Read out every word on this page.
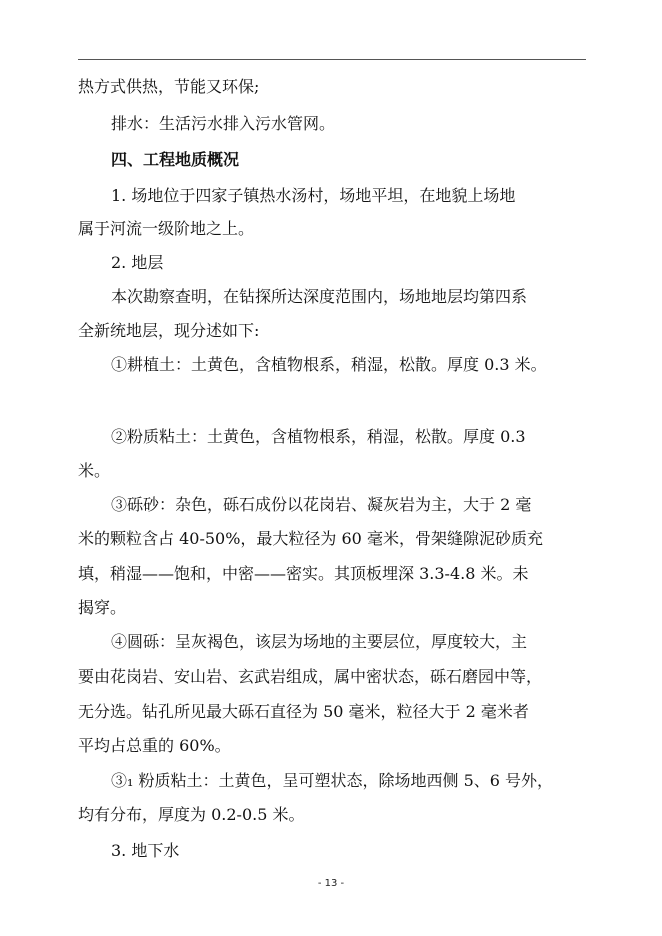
热方式供热，节能又环保;
排水：生活污水排入污水管网。
四、工程地质概况
1. 场地位于四家子镇热水汤村，场地平坦，在地貌上场地
属于河流一级阶地之上。
2. 地层
本次勘察查明，在钻探所达深度范围内，场地地层均第四系
全新统地层，现分述如下:
①耕植土：土黄色，含植物根系，稍湿，松散。厚度 0.3 米。
②粉质粘土：土黄色，含植物根系，稍湿，松散。厚度 0.3
米。
③砾砂：杂色，砾石成份以花岗岩、凝灰岩为主，大于 2 毫
米的颗粒含占 40-50%，最大粒径为 60 毫米，骨架缝隙泥砂质充
填，稍湿——饱和，中密——密实。其顶板埋深 3.3-4.8 米。未
揭穿。
④圆砾：呈灰褐色，该层为场地的主要层位，厚度较大，主
要由花岗岩、安山岩、玄武岩组成，属中密状态，砾石磨园中等，
无分选。钻孔所见最大砾石直径为 50 毫米，粒径大于 2 毫米者
平均占总重的 60%。
③₁ 粉质粘土：土黄色，呈可塑状态，除场地西侧 5、6 号外，
均有分布，厚度为 0.2-0.5 米。
3. 地下水
- 13 -
